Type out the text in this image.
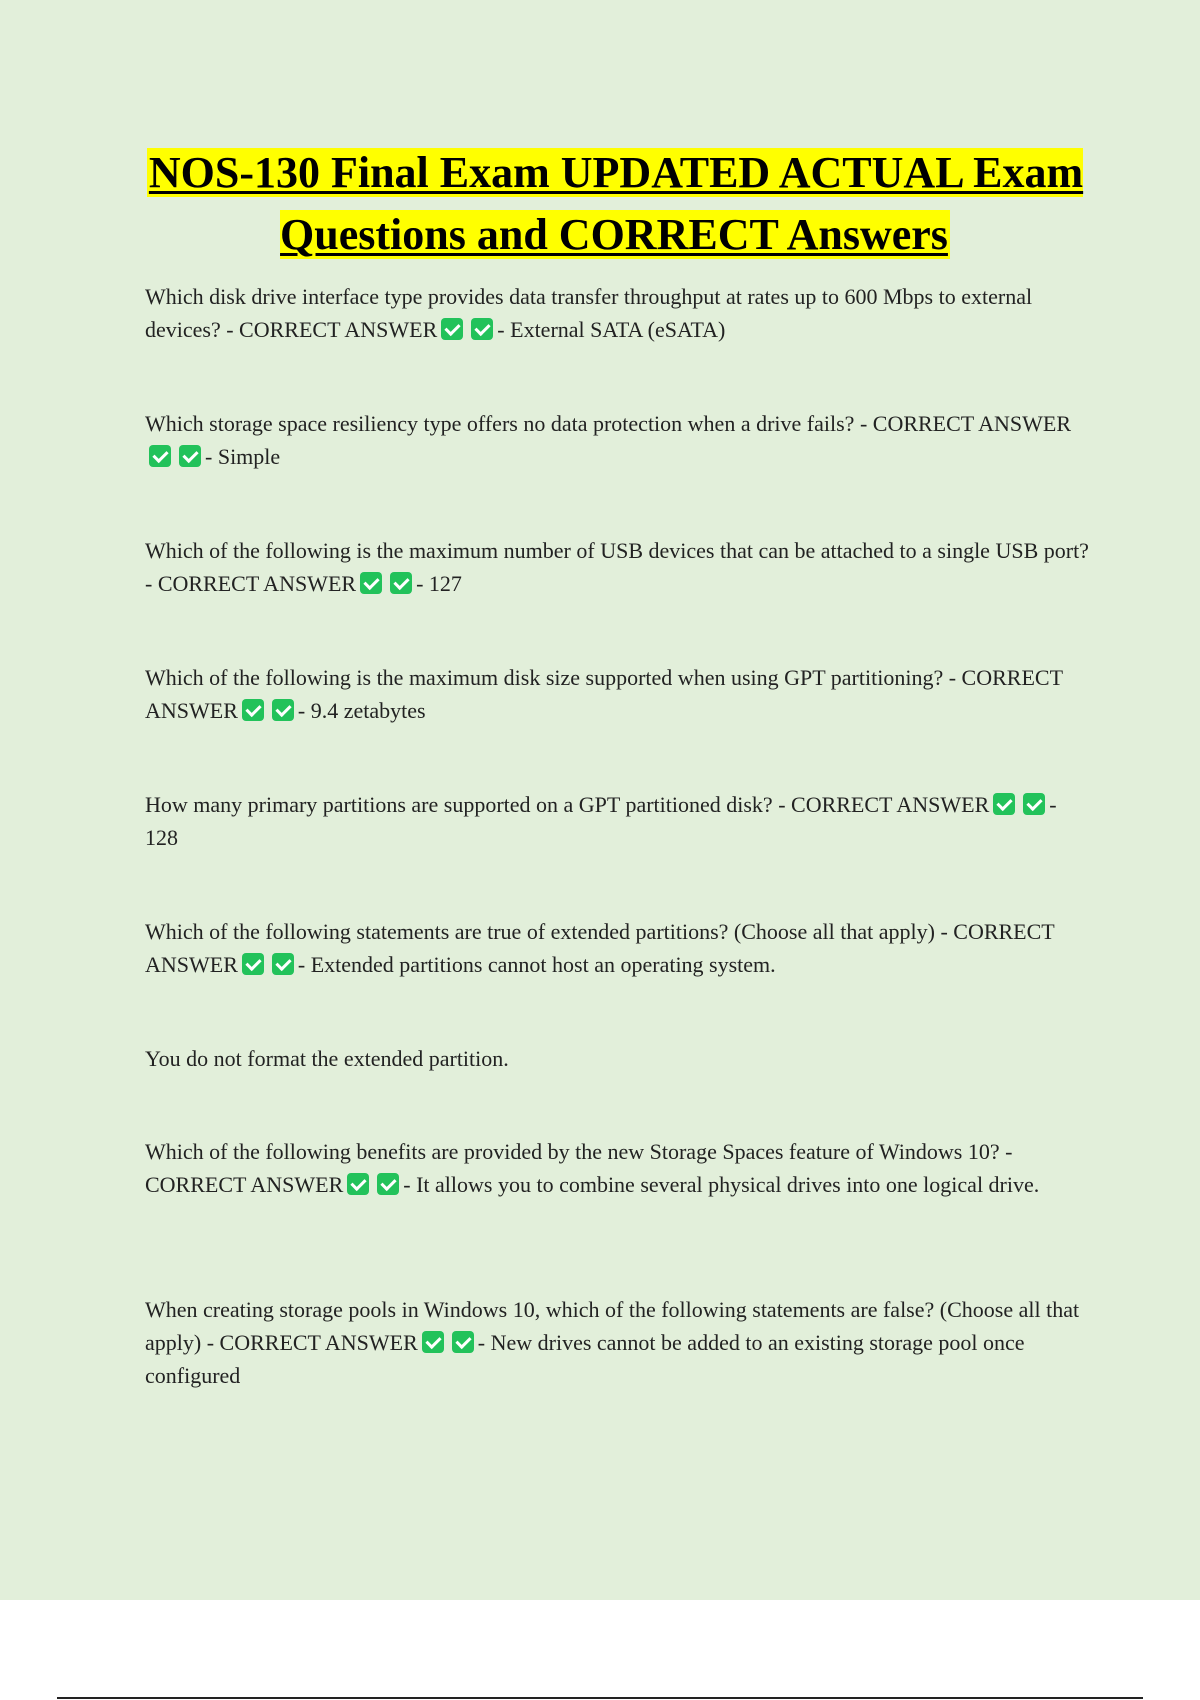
NOS-130 Final Exam UPDATED ACTUAL Exam Questions and CORRECT Answers

Which disk drive interface type provides data transfer throughput at rates up to 600 Mbps to external devices? - CORRECT ANSWER	- External SATA (eSATA)

Which storage space resiliency type offers no data protection when a drive fails? - CORRECT ANSWER- Simple

Which of the following is the maximum number of USB devices that can be attached to a single USB port? - CORRECT ANSWER	- 127

Which of the following is the maximum disk size supported when using GPT partitioning? - CORRECT ANSWER	- 9.4 zetabytes

How many primary partitions are supported on a GPT partitioned disk? - CORRECT ANSWER	- 128

Which of the following statements are true of extended partitions? (Choose all that apply) - CORRECT ANSWER	- Extended partitions cannot host an operating system.

You do not format the extended partition.

Which of the following benefits are provided by the new Storage Spaces feature of Windows 10? - CORRECT ANSWER	- It allows you to combine several physical drives into one logical drive.

When creating storage pools in Windows 10, which of the following statements are false? (Choose all that apply) - CORRECT ANSWER	- New drives cannot be added to an existing storage pool once configured
